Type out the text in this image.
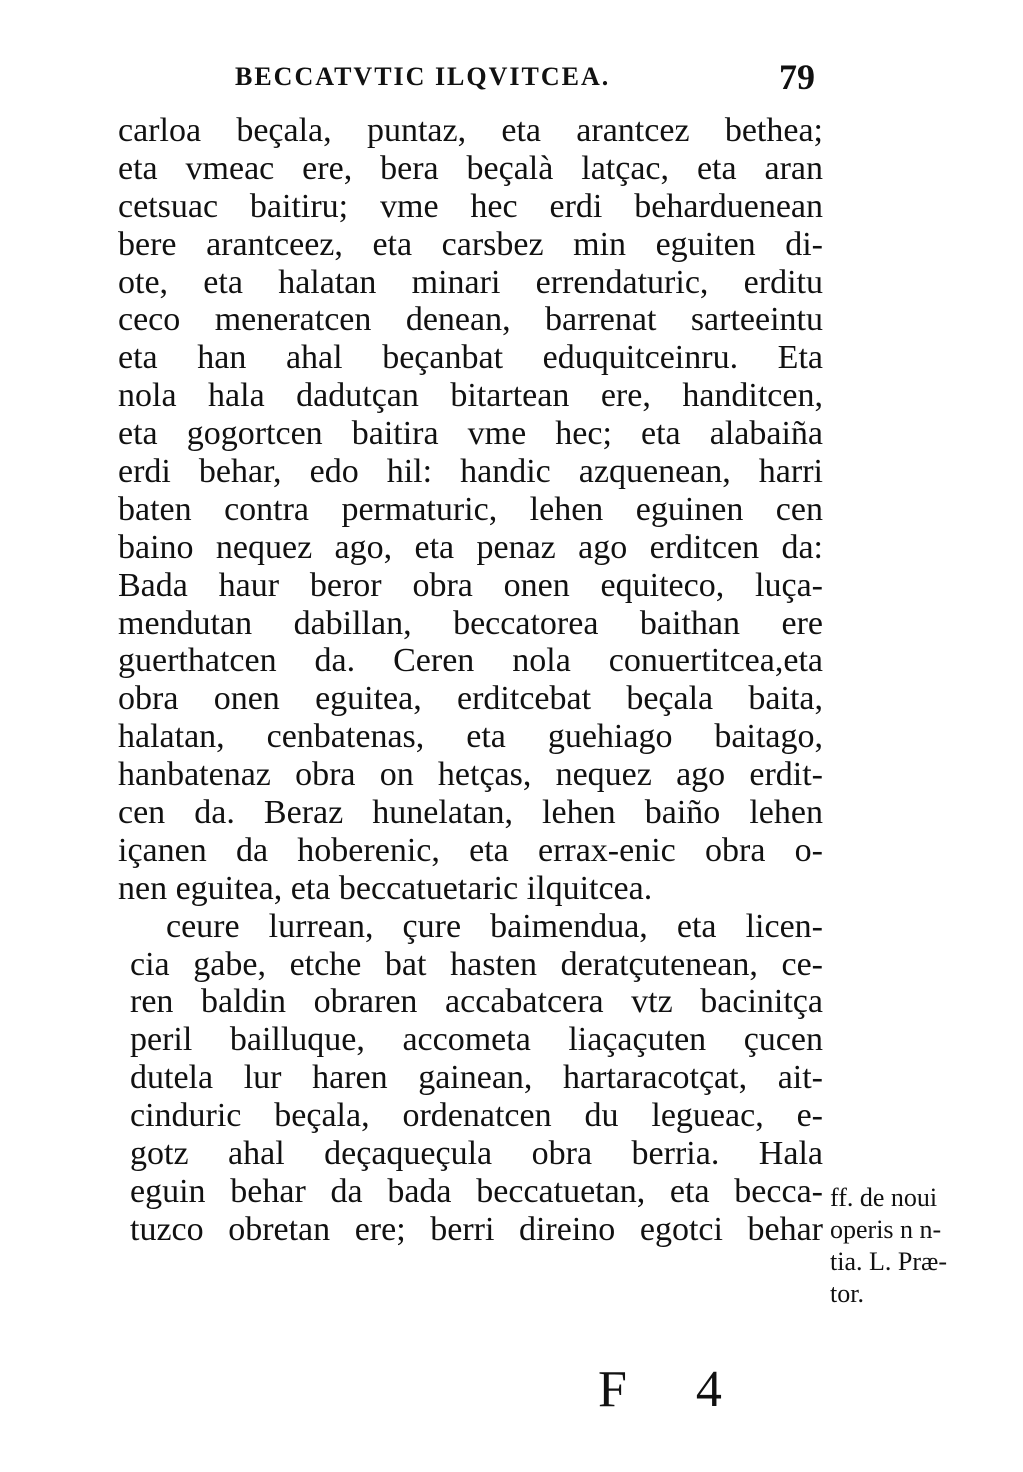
BECCATVTIC ILQVITCEA.	79
carloa beçala, puntaz, eta arantcez bethea;
eta vmeac ere, bera beçalà latçac, eta aran
cetsuac baitiru; vme hec erdi beharduenean
bere arantceez, eta carsbez min eguiten di-
ote, eta halatan minari errendaturic, erditu
ceco meneratcen denean, barrenat sarteeintu
eta han ahal beçanbat eduquitceinru. Eta
nola hala dadutçan bitartean ere, handitcen,
eta gogortcen baitira vme hec; eta alabaiña
erdi behar, edo hil: handic azquenean, harri
baten contra permaturic, lehen eguinen cen
baino nequez ago, eta penaz ago erditcen da:
Bada haur beror obra onen equiteco, luça-
mendutan dabillan, beccatorea baithan ere
guerthatcen da. Ceren nola conuertitcea,eta
obra onen eguitea, erditcebat beçala baita,
halatan, cenbatenas, eta guehiago baitago,
hanbatenaz obra on hetças, nequez ago erdit-
cen da. Beraz hunelatan, lehen baiño lehen
içanen da hoberenic, eta errax-enic obra o-
nen eguitea, eta beccatuetaric ilquitcea.
ceure lurrean, çure baimendua, eta licen-
cia gabe, etche bat hasten deratçutenean, ce-
ren baldin obraren accabatcera vtz bacinitça
peril bailluque, accometa liaçaçuten çucen
dutela lur haren gainean, hartaracotçat, ait-
cinduric beçala, ordenatcen du legueac, e-
gotz ahal deçaqueçula obra berria. Hala
eguin behar da bada beccatuetan, eta becca-
tuzco obretan ere; berri direino egotci behar
ff. de noui
operis n n-
tia. L. Præ-
tor.
F 4
